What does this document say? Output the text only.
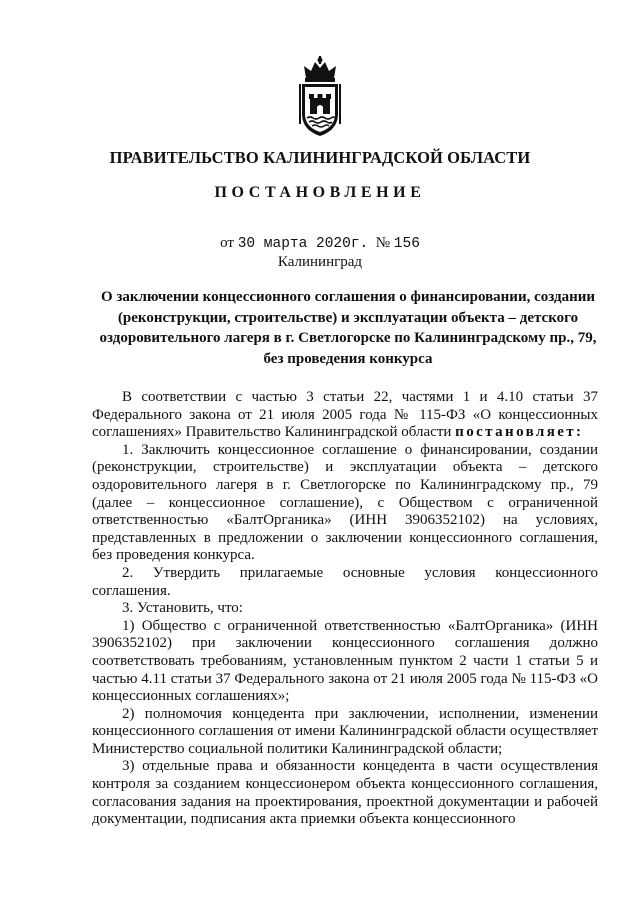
ПРАВИТЕЛЬСТВО КАЛИНИНГРАДСКОЙ ОБЛАСТИ
ПОСТАНОВЛЕНИЕ
от 30 марта 2020г. № 156
Калининград
О заключении концессионного соглашения о финансировании, создании (реконструкции, строительстве) и эксплуатации объекта – детского оздоровительного лагеря в г. Светлогорске по Калининградскому пр., 79, без проведения конкурса

В соответствии с частью 3 статьи 22, частями 1 и 4.10 статьи 37 Федерального закона от 21 июля 2005 года № 115-ФЗ «О концессионных соглашениях» Правительство Калининградской области постановляет:

1. Заключить концессионное соглашение о финансировании, создании (реконструкции, строительстве) и эксплуатации объекта – детского оздоровительного лагеря в г. Светлогорске по Калининградскому пр., 79 (далее – концессионное соглашение), с Обществом с ограниченной ответственностью «БалтОрганика» (ИНН 3906352102) на условиях, представленных в предложении о заключении концессионного соглашения, без проведения конкурса.

2. Утвердить прилагаемые основные условия концессионного соглашения.

3. Установить, что:

1) Общество с ограниченной ответственностью «БалтОрганика» (ИНН 3906352102) при заключении концессионного соглашения должно соответствовать требованиям, установленным пунктом 2 части 1 статьи 5 и частью 4.11 статьи 37 Федерального закона от 21 июля 2005 года № 115-ФЗ «О концессионных соглашениях»;

2) полномочия концедента при заключении, исполнении, изменении концессионного соглашения от имени Калининградской области осуществляет Министерство социальной политики Калининградской области;

3) отдельные права и обязанности концедента в части осуществления контроля за созданием концессионером объекта концессионного соглашения, согласования задания на проектирования, проектной документации и рабочей документации, подписания акта приемки объекта концессионного
